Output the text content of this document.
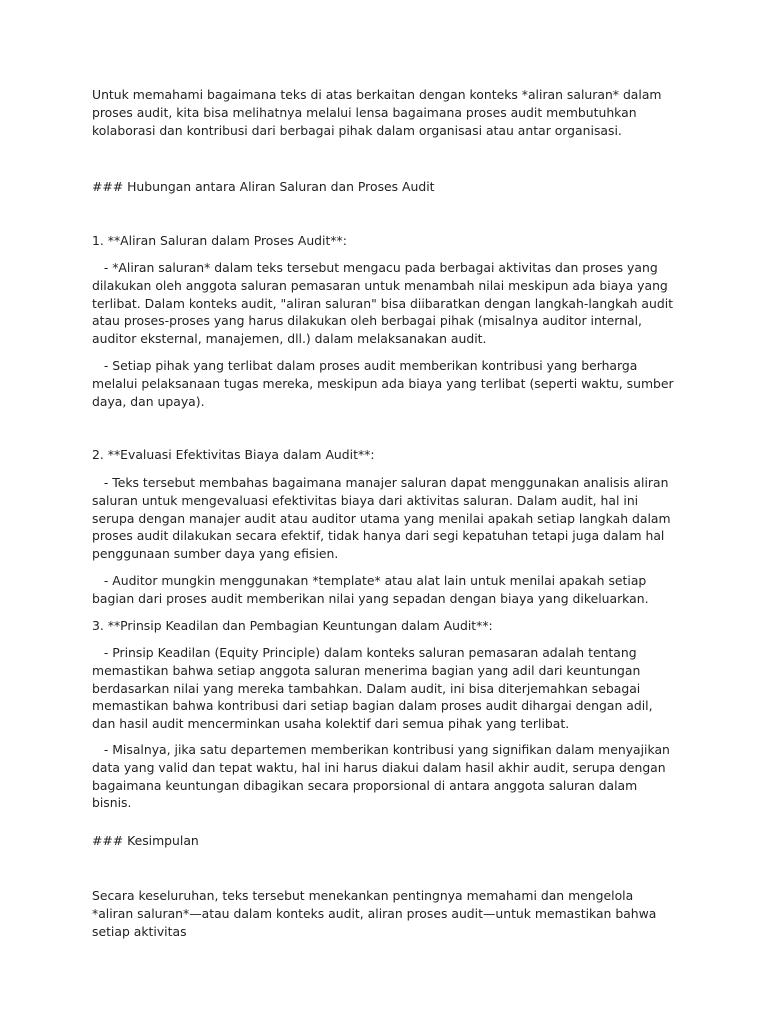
Untuk memahami bagaimana teks di atas berkaitan dengan konteks *aliran saluran* dalam proses audit, kita bisa melihatnya melalui lensa bagaimana proses audit membutuhkan kolaborasi dan kontribusi dari berbagai pihak dalam organisasi atau antar organisasi.

### Hubungan antara Aliran Saluran dan Proses Audit

1. **Aliran Saluran dalam Proses Audit**:

- *Aliran saluran* dalam teks tersebut mengacu pada berbagai aktivitas dan proses yang dilakukan oleh anggota saluran pemasaran untuk menambah nilai meskipun ada biaya yang terlibat. Dalam konteks audit, "aliran saluran" bisa diibaratkan dengan langkah-langkah audit atau proses-proses yang harus dilakukan oleh berbagai pihak (misalnya auditor internal, auditor eksternal, manajemen, dll.) dalam melaksanakan audit.

- Setiap pihak yang terlibat dalam proses audit memberikan kontribusi yang berharga melalui pelaksanaan tugas mereka, meskipun ada biaya yang terlibat (seperti waktu, sumber daya, dan upaya).

2. **Evaluasi Efektivitas Biaya dalam Audit**:

- Teks tersebut membahas bagaimana manajer saluran dapat menggunakan analisis aliran saluran untuk mengevaluasi efektivitas biaya dari aktivitas saluran. Dalam audit, hal ini serupa dengan manajer audit atau auditor utama yang menilai apakah setiap langkah dalam proses audit dilakukan secara efektif, tidak hanya dari segi kepatuhan tetapi juga dalam hal penggunaan sumber daya yang efisien.

- Auditor mungkin menggunakan *template* atau alat lain untuk menilai apakah setiap bagian dari proses audit memberikan nilai yang sepadan dengan biaya yang dikeluarkan.

3. **Prinsip Keadilan dan Pembagian Keuntungan dalam Audit**:

- Prinsip Keadilan (Equity Principle) dalam konteks saluran pemasaran adalah tentang memastikan bahwa setiap anggota saluran menerima bagian yang adil dari keuntungan berdasarkan nilai yang mereka tambahkan. Dalam audit, ini bisa diterjemahkan sebagai memastikan bahwa kontribusi dari setiap bagian dalam proses audit dihargai dengan adil, dan hasil audit mencerminkan usaha kolektif dari semua pihak yang terlibat.

- Misalnya, jika satu departemen memberikan kontribusi yang signifikan dalam menyajikan data yang valid dan tepat waktu, hal ini harus diakui dalam hasil akhir audit, serupa dengan bagaimana keuntungan dibagikan secara proporsional di antara anggota saluran dalam bisnis.

### Kesimpulan

Secara keseluruhan, teks tersebut menekankan pentingnya memahami dan mengelola *aliran saluran*—atau dalam konteks audit, aliran proses audit—untuk memastikan bahwa setiap aktivitas
